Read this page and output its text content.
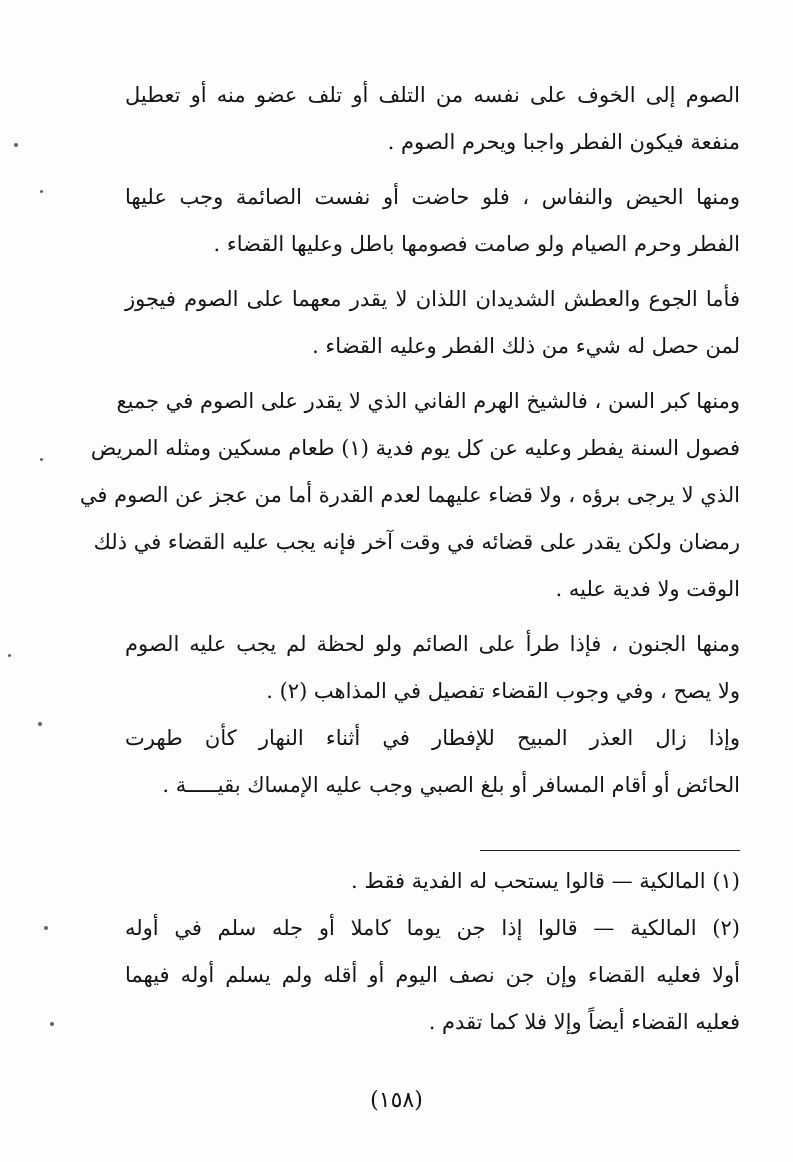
الصوم إلى الخوف على نفسه من التلف أو تلف عضو منه أو تعطيل
منفعة فيكون الفطر واجبا ويحرم الصوم .
ومنها الحيض والنفاس ، فلو حاضت أو نفست الصائمة وجب عليها
الفطر وحرم الصيام ولو صامت فصومها باطل وعليها القضاء .
فأما الجوع والعطش الشديدان اللذان لا يقدر معهما على الصوم فيجوز
لمن حصل له شيء من ذلك الفطر وعليه القضاء .
ومنها كبر السن ، فالشيخ الهرم الفاني الذي لا يقدر على الصوم في جميع
فصول السنة يفطر وعليه عن كل يوم فدية (١) طعام مسكين ومثله المريض
الذي لا يرجى برؤه ، ولا قضاء عليهما لعدم القدرة أما من عجز عن الصوم في
رمضان ولكن يقدر على قضائه في وقت آخر فإنه يجب عليه القضاء في ذلك
الوقت ولا فدية عليه .
ومنها الجنون ، فإذا طرأ على الصائم ولو لحظة لم يجب عليه الصوم
ولا يصح ، وفي وجوب القضاء تفصيل في المذاهب (٢) .
وإذا زال العذر المبيح للإفطار في أثناء النهار كأن طهرت
الحائض أو أقام المسافر أو بلغ الصبي وجب عليه الإمساك بقيـــــة .
(١) المالكية — قالوا يستحب له الفدية فقط .
(٢) المالكية — قالوا إذا جن يوما كاملا أو جله سلم في أوله
أولا فعليه القضاء وإن جن نصف اليوم أو أقله ولم يسلم أوله فيهما
فعليه القضاء أيضاً وإلا فلا كما تقدم .
(١٥٨)
